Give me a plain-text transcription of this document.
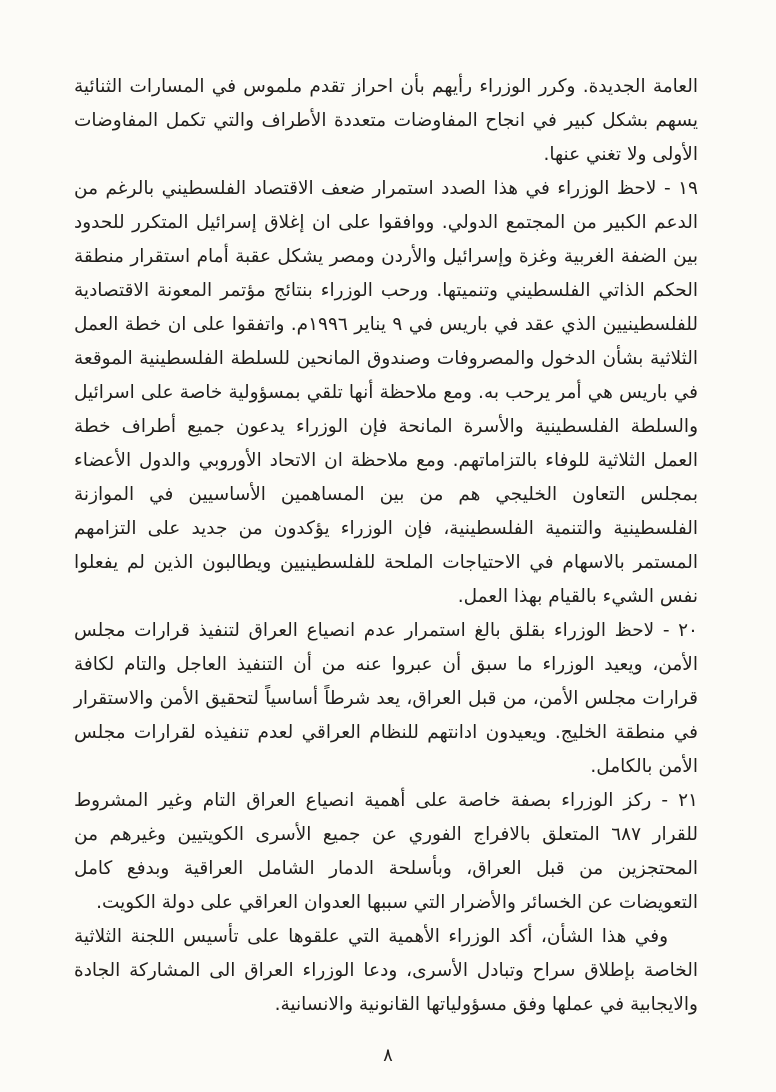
العامة الجديدة. وكرر الوزراء رأيهم بأن احراز تقدم ملموس في المسارات الثنائية يسهم بشكل كبير في انجاح المفاوضات متعددة الأطراف والتي تكمل المفاوضات الأولى ولا تغني عنها.

١٩ - لاحظ الوزراء في هذا الصدد استمرار ضعف الاقتصاد الفلسطيني بالرغم من الدعم الكبير من المجتمع الدولي. ووافقوا على ان إغلاق إسرائيل المتكرر للحدود بين الضفة الغربية وغزة وإسرائيل والأردن ومصر يشكل عقبة أمام استقرار منطقة الحكم الذاتي الفلسطيني وتنميتها. ورحب الوزراء بنتائج مؤتمر المعونة الاقتصادية للفلسطينيين الذي عقد في باريس في ٩ يناير ١٩٩٦م. واتفقوا على ان خطة العمل الثلاثية بشأن الدخول والمصروفات وصندوق المانحين للسلطة الفلسطينية الموقعة في باريس هي أمر يرحب به. ومع ملاحظة أنها تلقي بمسؤولية خاصة على اسرائيل والسلطة الفلسطينية والأسرة المانحة فإن الوزراء يدعون جميع أطراف خطة العمل الثلاثية للوفاء بالتزاماتهم. ومع ملاحظة ان الاتحاد الأوروبي والدول الأعضاء بمجلس التعاون الخليجي هم من بين المساهمين الأساسيين في الموازنة الفلسطينية والتنمية الفلسطينية، فإن الوزراء يؤكدون من جديد على التزامهم المستمر بالاسهام في الاحتياجات الملحة للفلسطينيين ويطالبون الذين لم يفعلوا نفس الشيء بالقيام بهذا العمل.

٢٠ - لاحظ الوزراء بقلق بالغ استمرار عدم انصياع العراق لتنفيذ قرارات مجلس الأمن، ويعيد الوزراء ما سبق أن عبروا عنه من أن التنفيذ العاجل والتام لكافة قرارات مجلس الأمن، من قبل العراق، يعد شرطاً أساسياً لتحقيق الأمن والاستقرار في منطقة الخليج. ويعيدون ادانتهم للنظام العراقي لعدم تنفيذه لقرارات مجلس الأمن بالكامل.

٢١ - ركز الوزراء بصفة خاصة على أهمية انصياع العراق التام وغير المشروط للقرار ٦٨٧ المتعلق بالافراج الفوري عن جميع الأسرى الكويتيين وغيرهم من المحتجزين من قبل العراق، وبأسلحة الدمار الشامل العراقية وبدفع كامل التعويضات عن الخسائر والأضرار التي سببها العدوان العراقي على دولة الكويت.

وفي هذا الشأن، أكد الوزراء الأهمية التي علقوها على تأسيس اللجنة الثلاثية الخاصة بإطلاق سراح وتبادل الأسرى، ودعا الوزراء العراق الى المشاركة الجادة والايجابية في عملها وفق مسؤولياتها القانونية والانسانية.

٨
